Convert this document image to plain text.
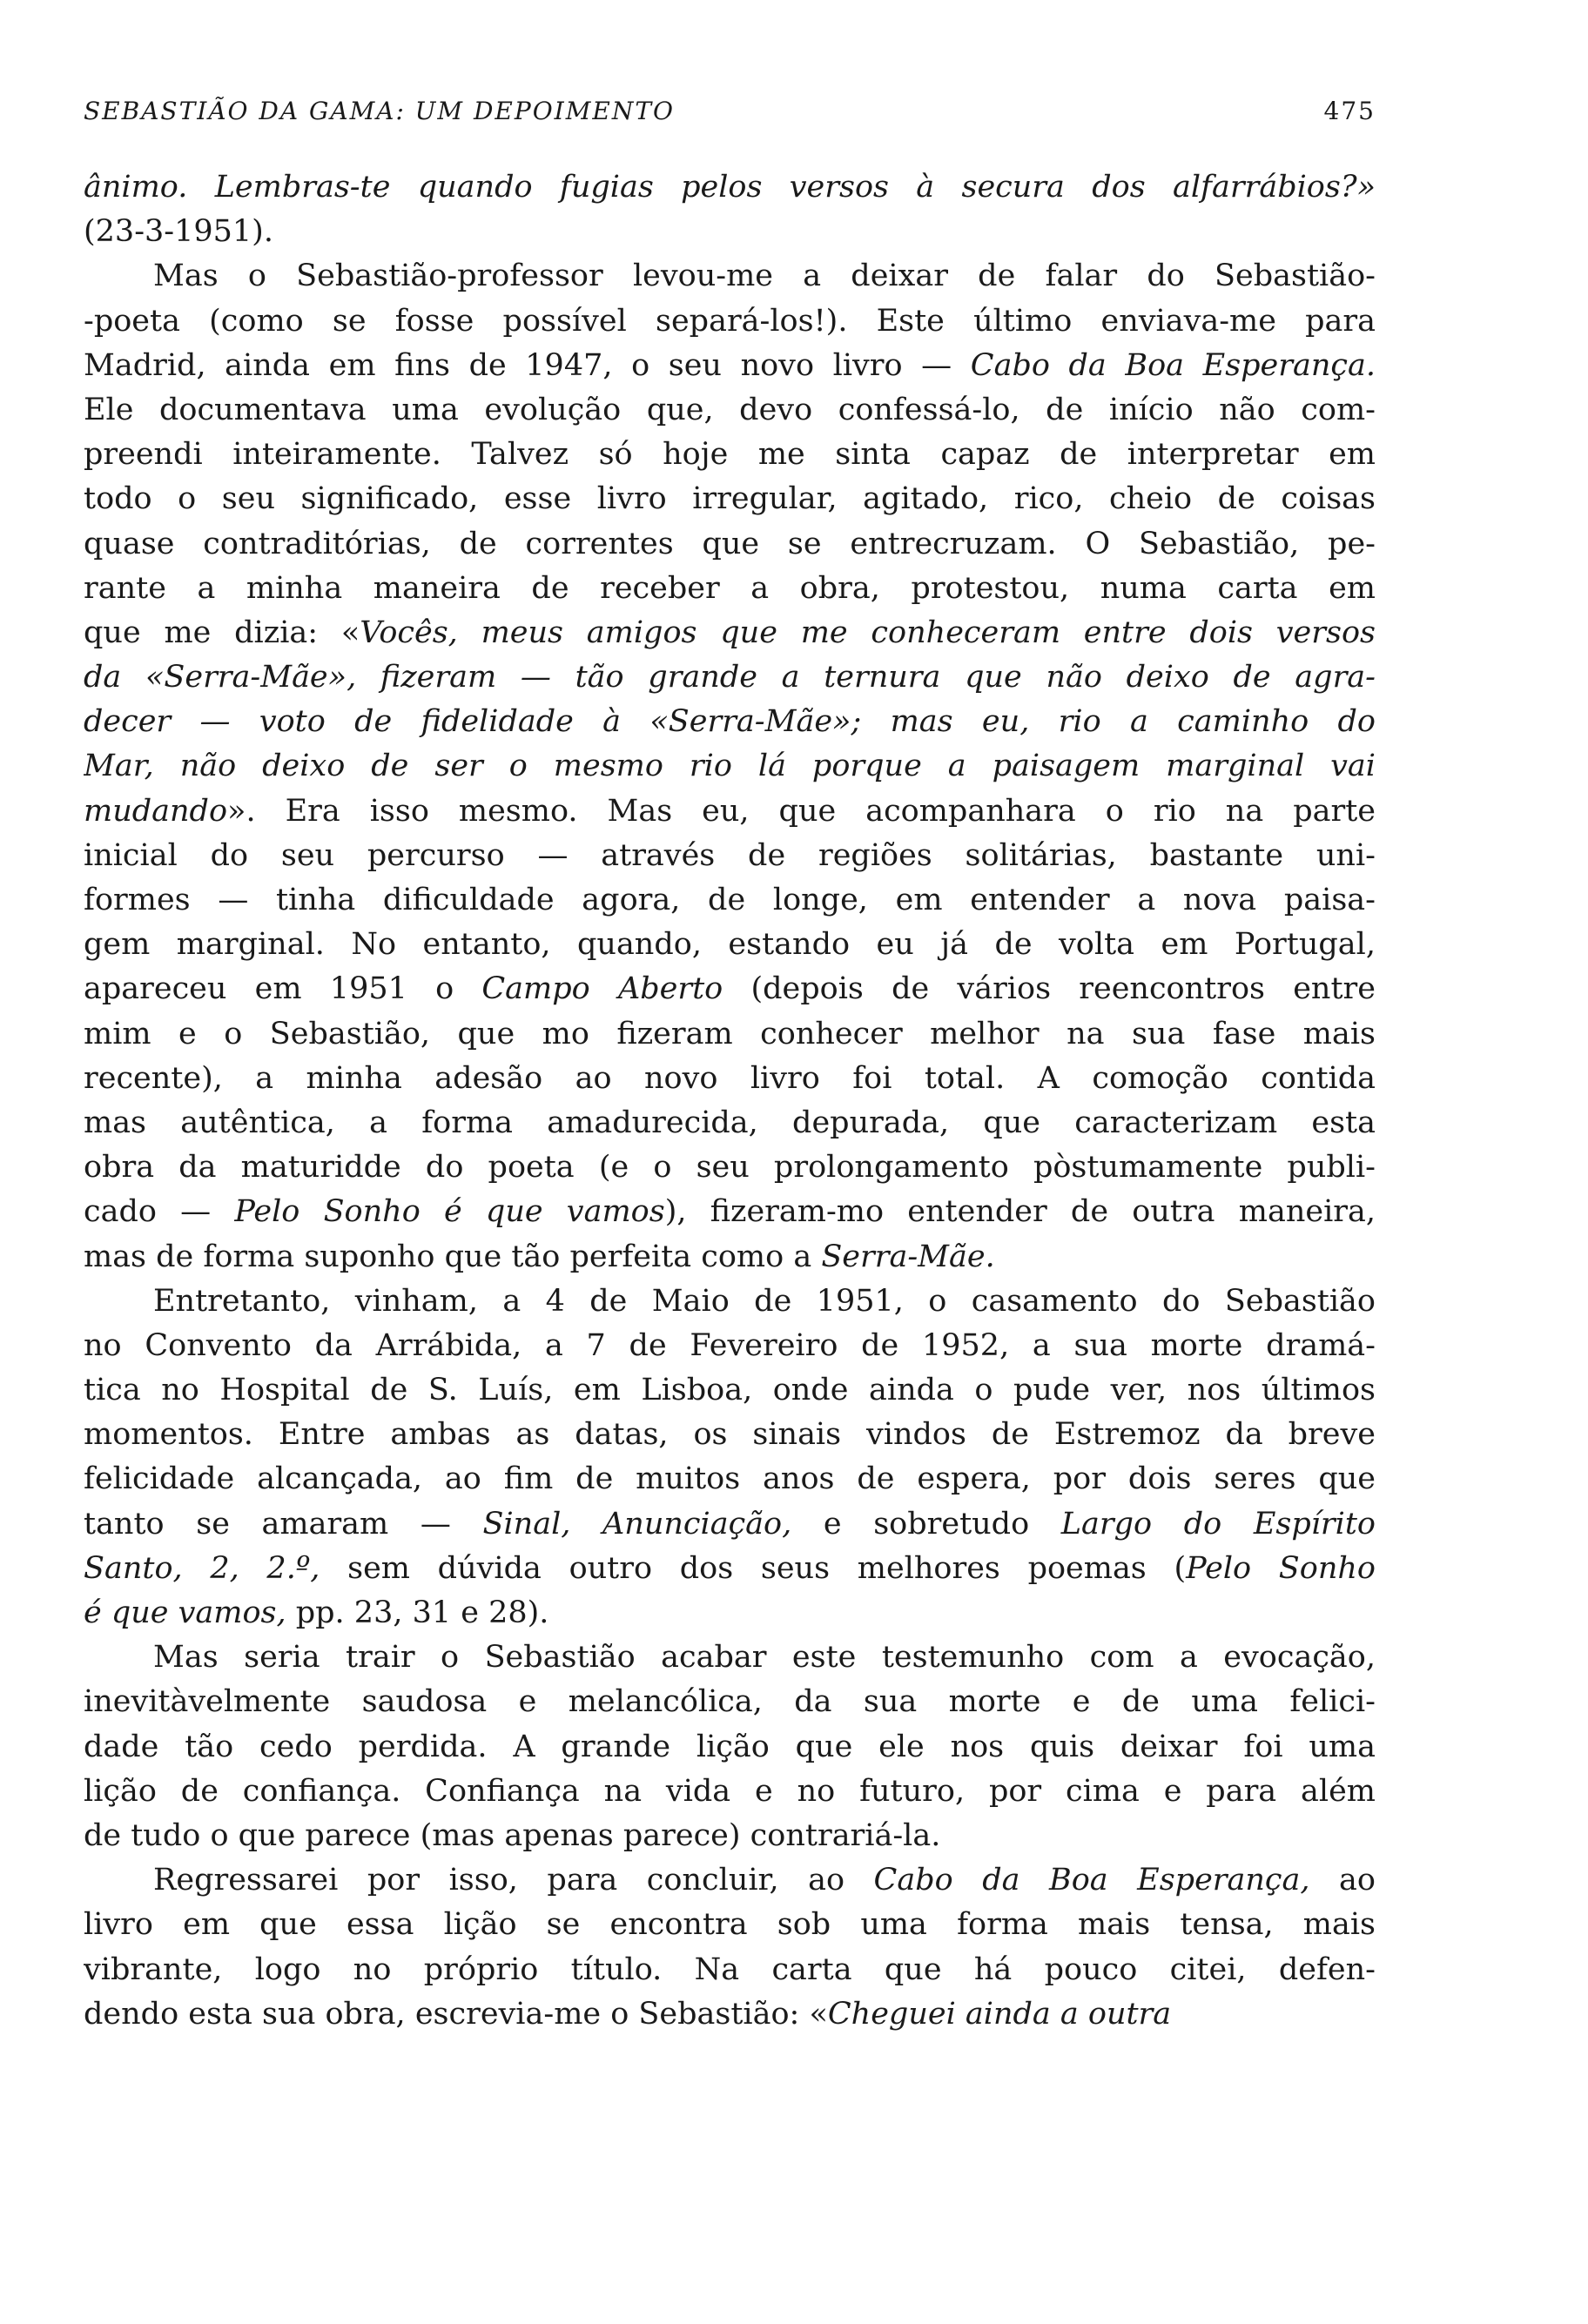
SEBASTIÃO DA GAMA: UM DEPOIMENTO	475
ânimo. Lembras-te quando fugias pelos versos à secura dos alfarrábios?»
(23-3-1951).
Mas o Sebastião-professor levou-me a deixar de falar do Sebastião-
-poeta (como se fosse possível separá-los!). Este último enviava-me para
Madrid, ainda em fins de 1947, o seu novo livro — Cabo da Boa Esperança.
Ele documentava uma evolução que, devo confessá-lo, de início não com-
preendi inteiramente. Talvez só hoje me sinta capaz de interpretar em
todo o seu significado, esse livro irregular, agitado, rico, cheio de coisas
quase contraditórias, de correntes que se entrecruzam. O Sebastião, pe-
rante a minha maneira de receber a obra, protestou, numa carta em
que me dizia: «Vocês, meus amigos que me conheceram entre dois versos
da «Serra-Mãe», fizeram — tão grande a ternura que não deixo de agra-
decer — voto de fidelidade à «Serra-Mãe»; mas eu, rio a caminho do
Mar, não deixo de ser o mesmo rio lá porque a paisagem marginal vai
mudando». Era isso mesmo. Mas eu, que acompanhara o rio na parte
inicial do seu percurso — através de regiões solitárias, bastante uni-
formes — tinha dificuldade agora, de longe, em entender a nova paisa-
gem marginal. No entanto, quando, estando eu já de volta em Portugal,
apareceu em 1951 o Campo Aberto (depois de vários reencontros entre
mim e o Sebastião, que mo fizeram conhecer melhor na sua fase mais
recente), a minha adesão ao novo livro foi total. A comoção contida
mas autêntica, a forma amadurecida, depurada, que caracterizam esta
obra da maturidde do poeta (e o seu prolongamento pòstumamente publi-
cado — Pelo Sonho é que vamos), fizeram-mo entender de outra maneira,
mas de forma suponho que tão perfeita como a Serra-Mãe.
Entretanto, vinham, a 4 de Maio de 1951, o casamento do Sebastião
no Convento da Arrábida, a 7 de Fevereiro de 1952, a sua morte dramá-
tica no Hospital de S. Luís, em Lisboa, onde ainda o pude ver, nos últimos
momentos. Entre ambas as datas, os sinais vindos de Estremoz da breve
felicidade alcançada, ao fim de muitos anos de espera, por dois seres que
tanto se amaram — Sinal, Anunciação, e sobretudo Largo do Espírito
Santo, 2, 2.º, sem dúvida outro dos seus melhores poemas (Pelo Sonho
é que vamos, pp. 23, 31 e 28).
Mas seria trair o Sebastião acabar este testemunho com a evocação,
inevitàvelmente saudosa e melancólica, da sua morte e de uma felici-
dade tão cedo perdida. A grande lição que ele nos quis deixar foi uma
lição de confiança. Confiança na vida e no futuro, por cima e para além
de tudo o que parece (mas apenas parece) contrariá-la.
Regressarei por isso, para concluir, ao Cabo da Boa Esperança, ao
livro em que essa lição se encontra sob uma forma mais tensa, mais
vibrante, logo no próprio título. Na carta que há pouco citei, defen-
dendo esta sua obra, escrevia-me o Sebastião: «Cheguei ainda a outra
